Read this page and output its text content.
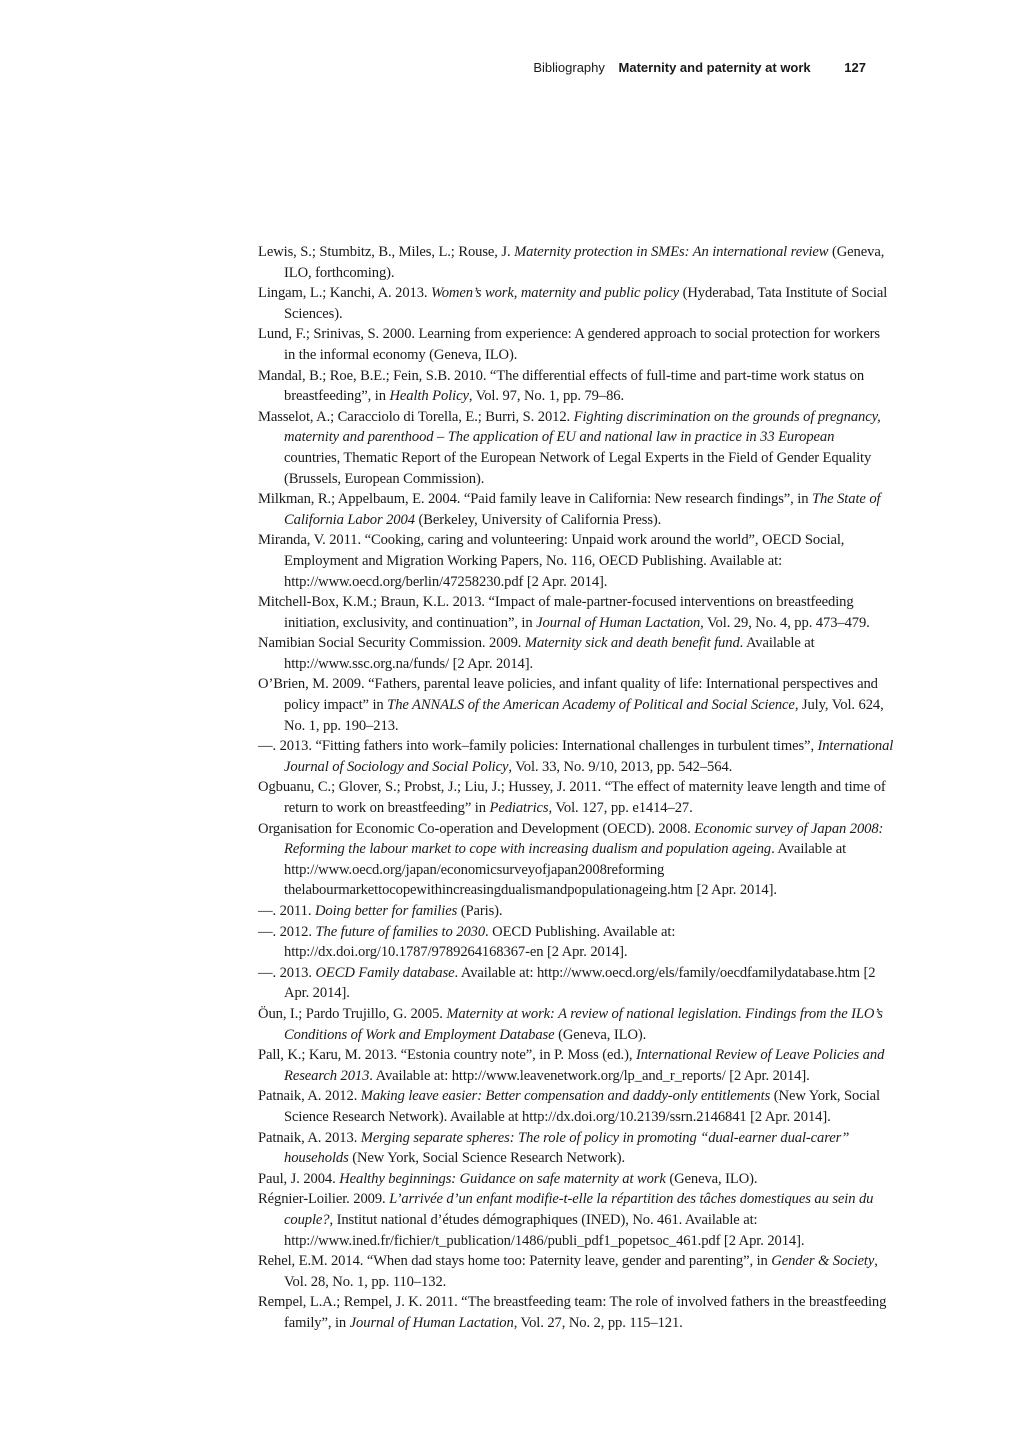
Bibliography Maternity and paternity at work	127

Lewis, S.; Stumbitz, B., Miles, L.; Rouse, J. Maternity protection in SMEs: An international review (Geneva, ILO, forthcoming).

Lingam, L.; Kanchi, A. 2013. Women’s work, maternity and public policy (Hyderabad, Tata Institute of Social Sciences).

Lund, F.; Srinivas, S. 2000. Learning from experience: A gendered approach to social protection for workers in the informal economy (Geneva, ILO).

Mandal, B.; Roe, B.E.; Fein, S.B. 2010. “The differential effects of full-time and part-time work status on breastfeeding”, in Health Policy, Vol. 97, No. 1, pp. 79–86.

Masselot, A.; Caracciolo di Torella, E.; Burri, S. 2012. Fighting discrimination on the grounds of pregnancy, maternity and parenthood – The application of EU and national law in practice in 33 European countries, Thematic Report of the European Network of Legal Experts in the Field of Gender Equality (Brussels, European Commission).

Milkman, R.; Appelbaum, E. 2004. “Paid family leave in California: New research findings”, in The State of California Labor 2004 (Berkeley, University of California Press).

Miranda, V. 2011. “Cooking, caring and volunteering: Unpaid work around the world”, OECD Social, Employment and Migration Working Papers, No. 116, OECD Publishing. Available at: http://www.oecd.org/berlin/47258230.pdf [2 Apr. 2014].

Mitchell-Box, K.M.; Braun, K.L. 2013. “Impact of male-partner-focused interventions on breastfeeding initiation, exclusivity, and continuation”, in Journal of Human Lactation, Vol. 29, No. 4, pp. 473–479.

Namibian Social Security Commission. 2009. Maternity sick and death benefit fund. Available at http://www.ssc.org.na/funds/ [2 Apr. 2014].

O’Brien, M. 2009. “Fathers, parental leave policies, and infant quality of life: International perspectives and policy impact” in The ANNALS of the American Academy of Political and Social Science, July, Vol. 624, No. 1, pp. 190–213.

—. 2013. “Fitting fathers into work–family policies: International challenges in turbulent times”, International Journal of Sociology and Social Policy, Vol. 33, No. 9/10, 2013, pp. 542–564.

Ogbuanu, C.; Glover, S.; Probst, J.; Liu, J.; Hussey, J. 2011. “The effect of maternity leave length and time of return to work on breastfeeding” in Pediatrics, Vol. 127, pp. e1414–27.

Organisation for Economic Co-operation and Development (OECD). 2008. Economic survey of Japan 2008: Reforming the labour market to cope with increasing dualism and population ageing. Available at http://www.oecd.org/japan/economicsurveyofjapan2008reforming thelabourmarkettocopewithincreasingdualismandpopulationageing.htm [2 Apr. 2014].

—. 2011. Doing better for families (Paris).

—. 2012. The future of families to 2030. OECD Publishing. Available at: http://dx.doi.org/10.1787/9789264168367-en [2 Apr. 2014].

—. 2013. OECD Family database. Available at: http://www.oecd.org/els/family/oecdfamilydatabase.htm [2 Apr. 2014].

Öun, I.; Pardo Trujillo, G. 2005. Maternity at work: A review of national legislation. Findings from the ILO’s Conditions of Work and Employment Database (Geneva, ILO).

Pall, K.; Karu, M. 2013. “Estonia country note”, in P. Moss (ed.), International Review of Leave Policies and Research 2013. Available at: http://www.leavenetwork.org/lp_and_r_reports/ [2 Apr. 2014].

Patnaik, A. 2012. Making leave easier: Better compensation and daddy-only entitlements (New York, Social Science Research Network). Available at http://dx.doi.org/10.2139/ssrn.2146841 [2 Apr. 2014].

Patnaik, A. 2013. Merging separate spheres: The role of policy in promoting “dual-earner dual-carer” households (New York, Social Science Research Network).

Paul, J. 2004. Healthy beginnings: Guidance on safe maternity at work (Geneva, ILO).

Régnier-Loilier. 2009. L’arrivée d’un enfant modifie-t-elle la répartition des tâches domestiques au sein du couple?, Institut national d’études démographiques (INED), No. 461. Available at: http://www.ined.fr/fichier/t_publication/1486/publi_pdf1_popetsoc_461.pdf [2 Apr. 2014].

Rehel, E.M. 2014. “When dad stays home too: Paternity leave, gender and parenting”, in Gender & Society, Vol. 28, No. 1, pp. 110–132.

Rempel, L.A.; Rempel, J. K. 2011. “The breastfeeding team: The role of involved fathers in the breastfeeding family”, in Journal of Human Lactation, Vol. 27, No. 2, pp. 115–121.
